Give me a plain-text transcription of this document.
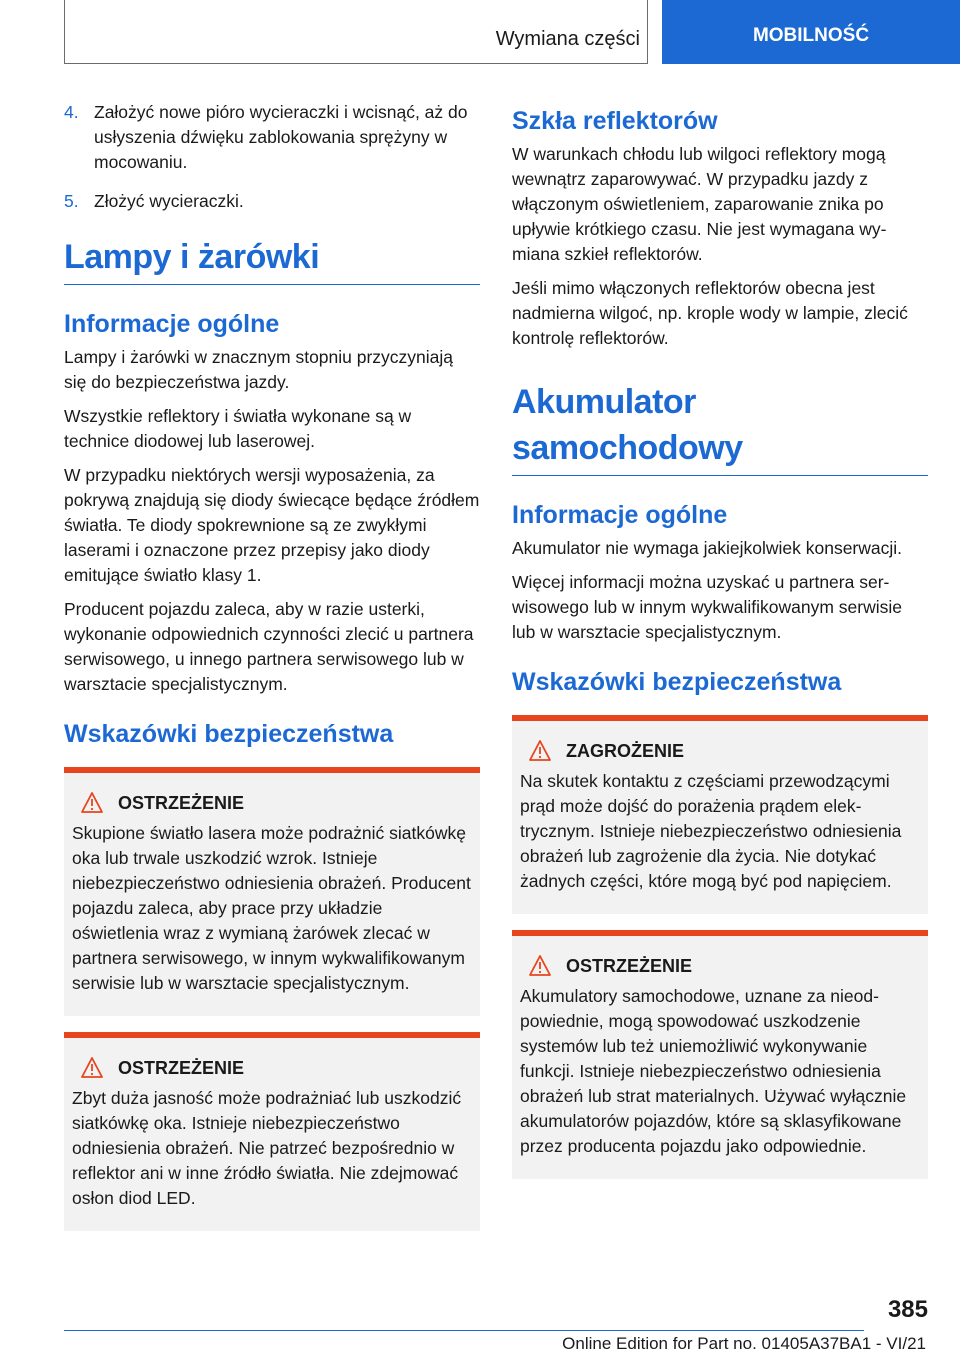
Wymiana części	MOBILNOŚĆ
4. Założyć nowe pióro wycieraczki i wcisnąć, aż do usłyszenia dźwięku zablokowania sprężyny w mocowaniu.
5. Złożyć wycieraczki.
Lampy i żarówki
Informacje ogólne

Lampy i żarówki w znacznym stopniu przyczyniają się do bezpieczeństwa jazdy.

Wszystkie reflektory i światła wykonane są w technice diodowej lub laserowej.

W przypadku niektórych wersji wyposażenia, za pokrywą znajdują się diody świecące będące źródłem światła. Te diody spokrewnione są ze zwykłymi laserami i oznaczone przez przepisy jako diody emitujące światło klasy 1.

Producent pojazdu zaleca, aby w razie usterki, wykonanie odpowiednich czynności zlecić u partnera serwisowego, u innego partnera serwisowego lub w warsztacie specjalistycznym.

Wskazówki bezpieczeństwa
OSTRZEŻENIE

Skupione światło lasera może podrażnić siatkówkę oka lub trwale uszkodzić wzrok. Istnieje niebezpieczeństwo odniesienia obrażeń. Producent pojazdu zaleca, aby prace przy układzie oświetlenia wraz z wymianą żarówek zlecać w partnera serwisowego, w innym wykwalifikowanym serwisie lub w warsztacie specjalistycznym.

OSTRZEŻENIE

Zbyt duża jasność może podrażniać lub uszkodzić siatkówkę oka. Istnieje niebezpieczeństwo odniesienia obrażeń. Nie patrzeć bezpośrednio w reflektor ani w inne źródło światła. Nie zdejmować osłon diod LED.

Szkła reflektorów

W warunkach chłodu lub wilgoci reflektory mogą wewnątrz zaparowywać. W przypadku jazdy z włączonym oświetleniem, zaparowanie znika po upływie krótkiego czasu. Nie jest wymagana wymiana szkieł reflektorów.

Jeśli mimo włączonych reflektorów obecna jest nadmierna wilgoć, np. krople wody w lampie, zlecić kontrolę reflektorów.

Akumulator samochodowy
Informacje ogólne

Akumulator nie wymaga jakiejkolwiek konserwacji.

Więcej informacji można uzyskać u partnera serwisowego lub w innym wykwalifikowanym serwisie lub w warsztacie specjalistycznym.

Wskazówki bezpieczeństwa
ZAGROŻENIE

Na skutek kontaktu z częściami przewodzącymi prąd może dojść do porażenia prądem elektrycznym. Istnieje niebezpieczeństwo odniesienia obrażeń lub zagrożenie dla życia. Nie dotykać żadnych części, które mogą być pod napięciem.

OSTRZEŻENIE

Akumulatory samochodowe, uznane za nieodpowiednie, mogą spowodować uszkodzenie systemów lub też uniemożliwić wykonywanie funkcji. Istnieje niebezpieczeństwo odniesienia obrażeń lub strat materialnych. Używać wyłącznie akumulatorów pojazdów, które są sklasyfikowane przez producenta pojazdu jako odpowiednie.

385
Online Edition for Part no. 01405A37BA1 - VI/21
